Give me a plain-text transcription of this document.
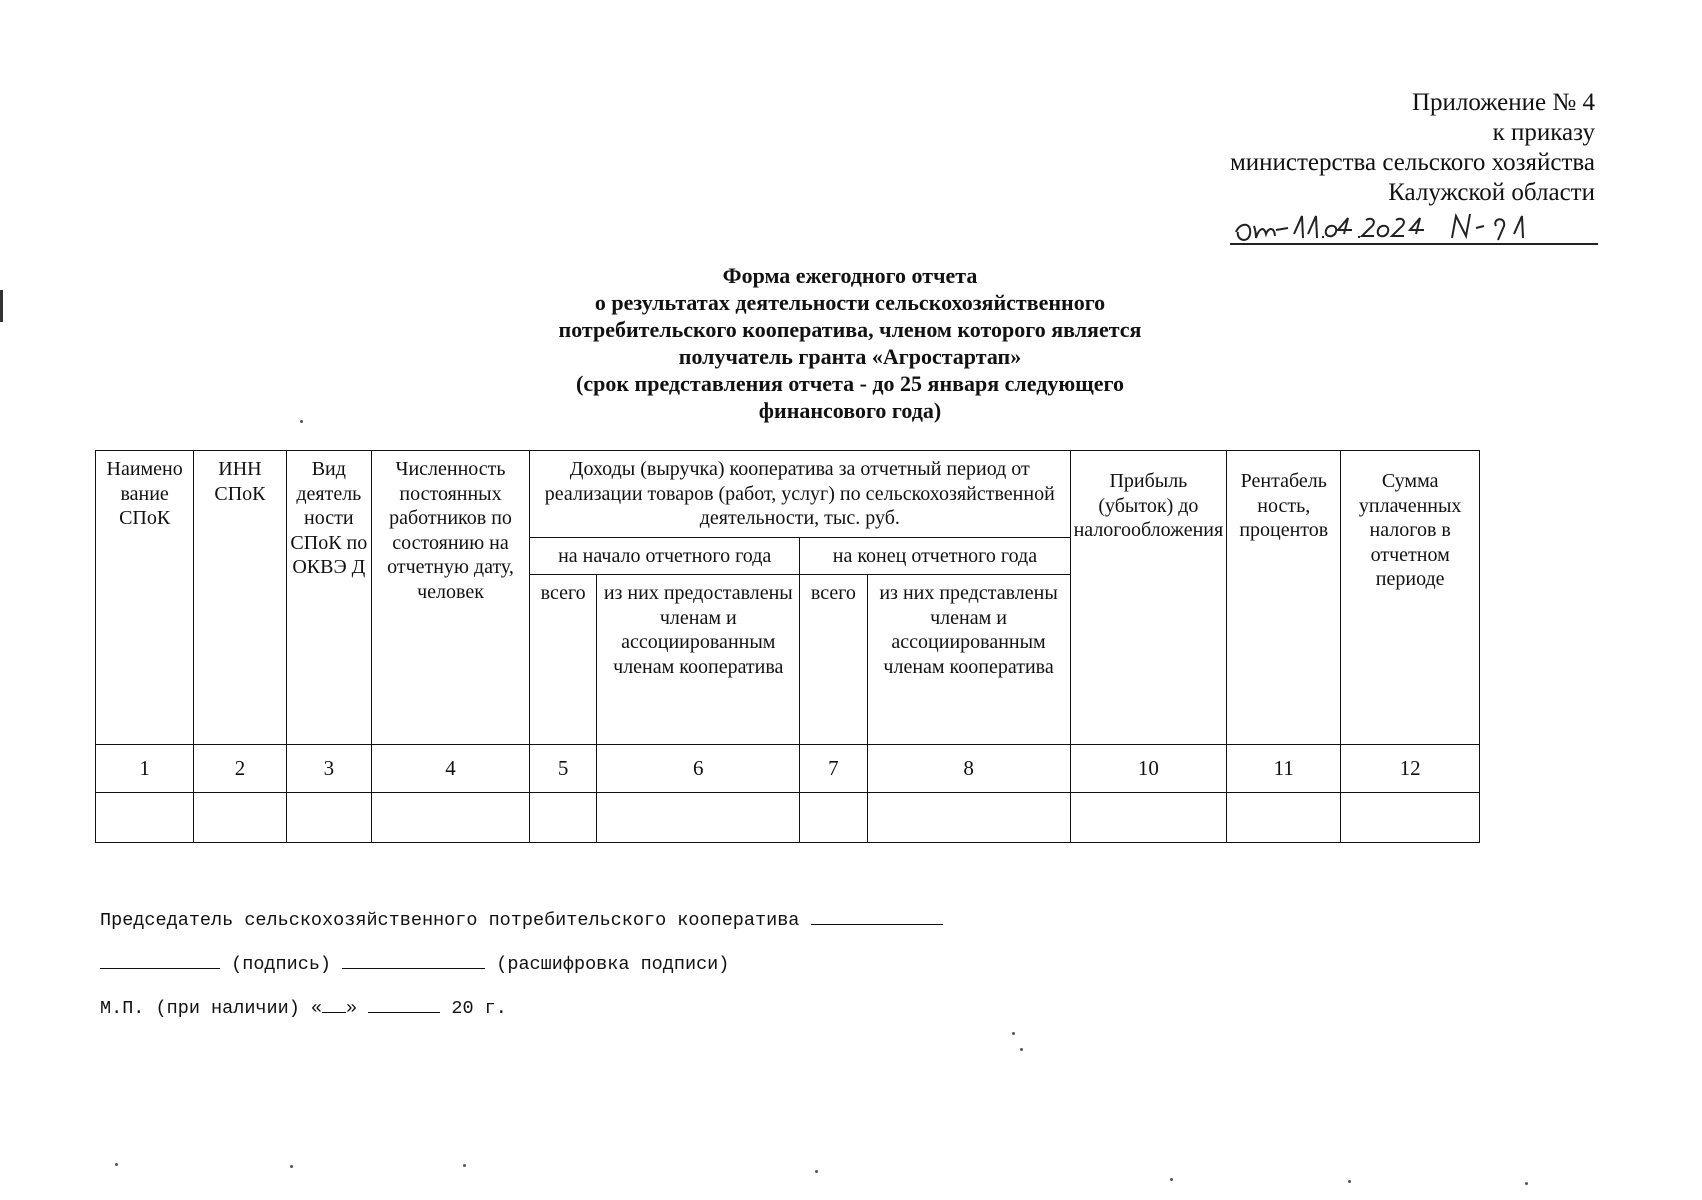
Приложение № 4
к приказу
министерства сельского хозяйства
Калужской области
Форма ежегодного отчета
о результатах деятельности сельскохозяйственного
потребительского кооператива, членом которого является
получатель гранта «Агростартап»
(срок представления отчета - до 25 января следующего
финансового года)
Наимено вание СПоК	ИНН СПоК	Вид деятель ности СПоК по ОКВЭ Д	Численность постоянных работников по состоянию на отчетную дату, человек	Доходы (выручка) кооператива за отчетный период от реализации товаров (работ, услуг) по сельскохозяйственной деятельности, тыс. руб.				Прибыль (убыток) до налогообложения	Рентабель ность, процентов	Сумма уплаченных налогов в отчетном периоде
				на начало отчетного года		на конец отчетного года				
				всего	из них предоставлены членам и ассоциированным членам кооператива	всего	из них представлены членам и ассоциированным членам кооператива			
1	2	3	4	5	6	7	8	10	11	12

Председатель сельскохозяйственного потребительского кооператива
(подпись)	(расшифровка подписи)
М.П. (при наличии) « »	20 г.
